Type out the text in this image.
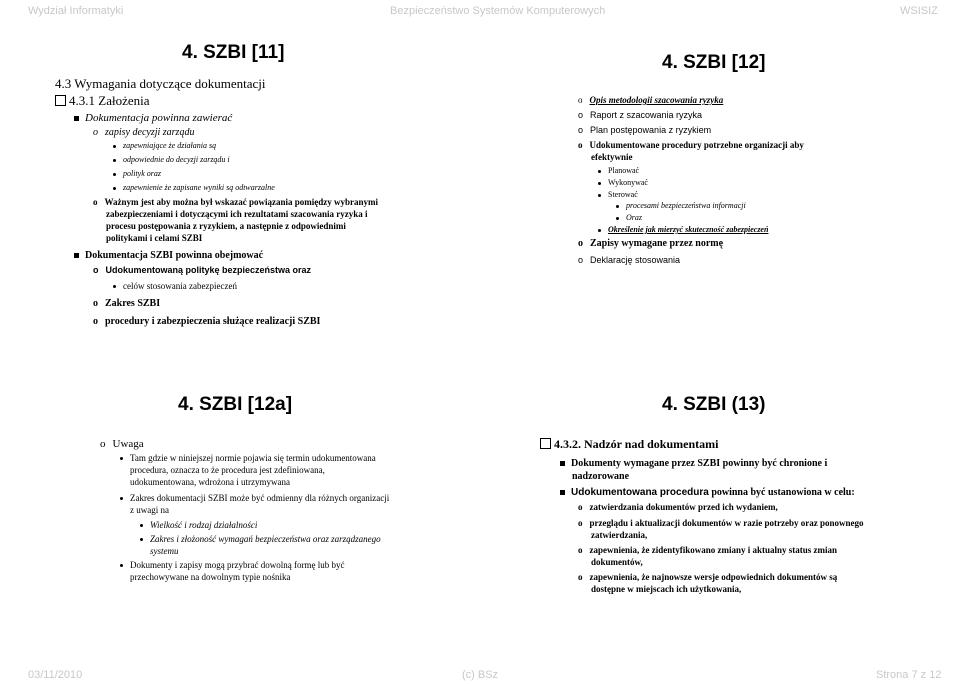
Wydział Informatyki	Bezpieczeństwo Systemów Komputerowych	WSISIZ
4. SZBI [11]
4.3 Wymagania dotyczące dokumentacji
4.3.1 Założenia
Dokumentacja powinna zawierać
o zapisy decyzji zarządu
zapewniające że działania są
odpowiednie do decyzji zarządu i
polityk oraz
zapewnienie że zapisane wyniki są odtwarzalne
o Ważnym jest aby można był wskazać powiązania pomiędzy wybranymi
zabezpieczeniami i dotyczącymi ich rezultatami szacowania ryzyka i
procesu postępowania z ryzykiem, a następnie z odpowiednimi
politykami i celami SZBI
Dokumentacja SZBI powinna obejmować
o Udokumentowaną politykę bezpieczeństwa oraz
celów stosowania zabezpieczeń
o Zakres SZBI
o procedury i zabezpieczenia służące realizacji SZBI
4. SZBI [12]
o Opis metodologii szacowania ryzyka
o Raport z szacowania ryzyka
o Plan postępowania z ryzykiem
o Udokumentowane procedury potrzebne organizacji aby
efektywnie
Planować
Wykonywać
Sterować
procesami bezpieczeństwa informacji
Oraz
Określenie jak mierzyć skuteczność zabezpieczeń
o Zapisy wymagane przez normę
o Deklarację stosowania
4. SZBI [12a]
o Uwaga
Tam gdzie w niniejszej normie pojawia się termin udokumentowana
procedura, oznacza to że procedura jest zdefiniowana,
udokumentowana, wdrożona i utrzymywana
Zakres dokumentacji SZBI może być odmienny dla różnych organizacji
z uwagi na
Wielkość i rodzaj działalności
Zakres i złożoność wymagań bezpieczeństwa oraz zarządzanego
systemu
Dokumenty i zapisy mogą przybrać dowolną formę lub być
przechowywane na dowolnym typie nośnika
4. SZBI (13)
4.3.2. Nadzór nad dokumentami
Dokumenty wymagane przez SZBI powinny być chronione i
nadzorowane
Udokumentowana procedura powinna być ustanowiona w celu:
o zatwierdzania dokumentów przed ich wydaniem,
o przeglądu i aktualizacji dokumentów w razie potrzeby oraz ponownego
zatwierdzania,
o zapewnienia, że zidentyfikowano zmiany i aktualny status zmian
dokumentów,
o zapewnienia, że najnowsze wersje odpowiednich dokumentów są
dostępne w miejscach ich użytkowania,
03/11/2010	(c) BSz	Strona 7 z 12
